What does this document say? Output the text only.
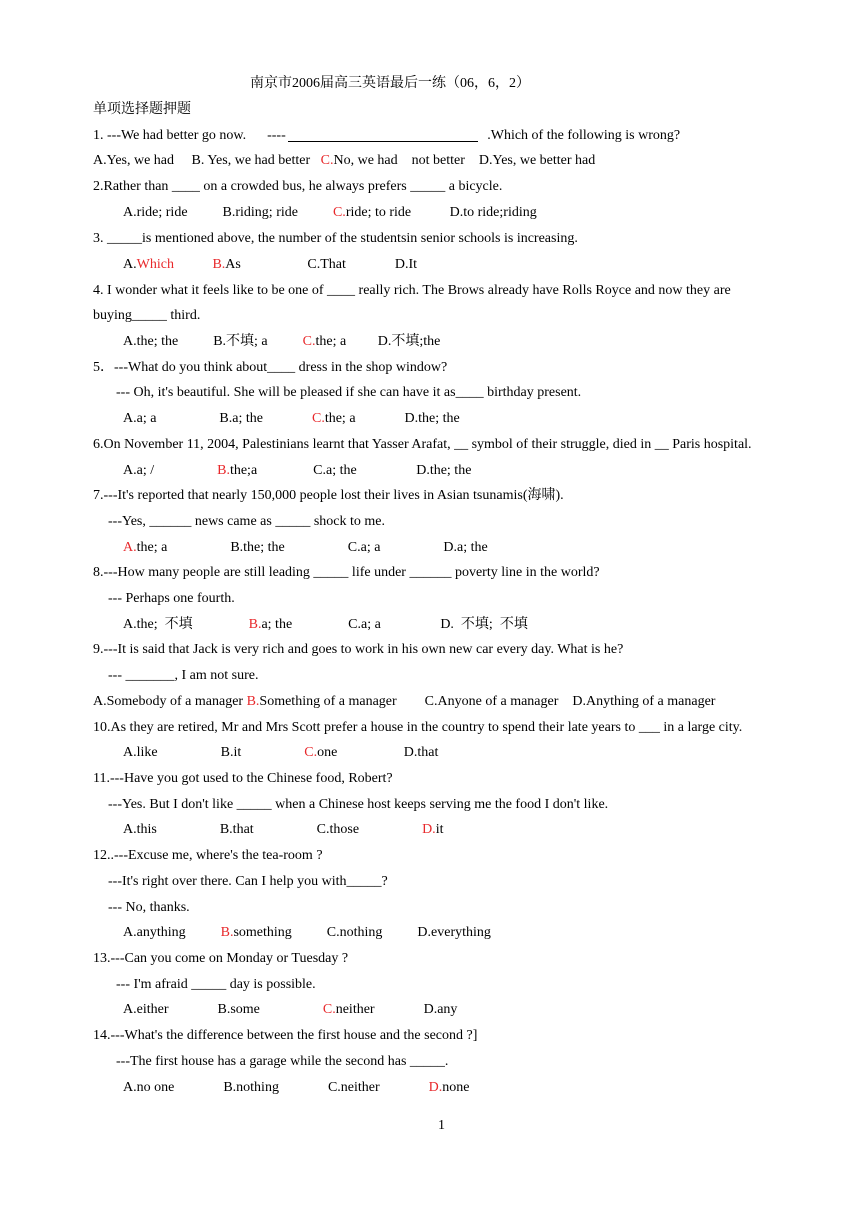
南京市2006届高三英语最后一练（06，6，2）
单项选择题押题
1. ---We had better go now.      ----	.Which of the following is wrong?
A.Yes, we had     B. Yes, we had better   C.No, we had    not better    D.Yes, we better had
2.Rather than ____ on a crowded bus, he always prefers _____ a bicycle.
A.ride; ride          B.riding; ride          C.ride; to ride           D.to ride;riding
3. _____is mentioned above, the number of the studentsin senior schools is increasing.
A.Which	B.As                   C.That              D.It
4. I wonder what it feels like to be one of ____ really rich. The Brows already have Rolls Royce and now they are
buying_____ third.
A.the; the          B.不填; a          C.the; a         D.不填;the
5．---What do you think about____ dress in the shop window?
--- Oh, it's beautiful. She will be pleased if she can have it as____ birthday present.
A.a; a                  B.a; the              C.the; a              D.the; the
6.On November 11, 2004, Palestinians learnt that Yasser Arafat, __ symbol of their struggle, died in __ Paris hospital.
A.a; /                  B.the;a                C.a; the                 D.the; the
7.---It's reported that nearly 150,000 people lost their lives in Asian tsunamis(海啸).
---Yes, ______ news came as _____ shock to me.
A.the; a                  B.the; the                  C.a; a                  D.a; the
8.---How many people are still leading _____ life under ______ poverty line in the world?
--- Perhaps one fourth.
A.the;  不填                B.a; the                C.a; a                 D.  不填;  不填
9.---It is said that Jack is very rich and goes to work in his own new car every day. What is he?
--- _______, I am not sure.
A.Somebody of a manager B.Something of a manager        C.Anyone of a manager    D.Anything of a manager
10.As they are retired, Mr and Mrs Scott prefer a house in the country to spend their late years to ___ in a large city.
A.like                  B.it                  C.one                   D.that
11.---Have you got used to the Chinese food, Robert?
---Yes. But I don't like _____ when a Chinese host keeps serving me the food I don't like.
A.this                  B.that                  C.those                  D.it
12..---Excuse me, where's the tea-room ?
---It's right over there. Can I help you with_____?
--- No, thanks.
A.anything          B.something          C.nothing          D.everything
13.---Can you come on Monday or Tuesday ?
--- I'm afraid _____ day is possible.
A.either              B.some                  C.neither              D.any
14.---What's the difference between the first house and the second ?]
---The first house has a garage while the second has _____.
A.no one              B.nothing              C.neither              D.none
1
